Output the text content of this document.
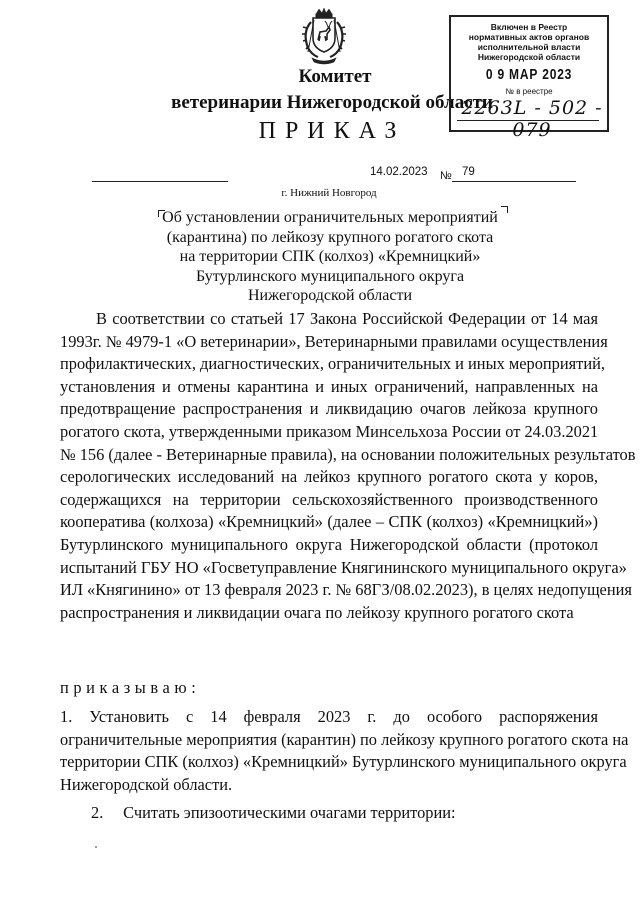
Комитет
ветеринарии Нижегородской области
ПРИКАЗ
Включен в Реестр
нормативных актов органов
исполнительной власти
Нижегородской области
0 9 МАР 2023
№ в реестре
2263L - 502 - 079
14.02.2023 № 79
г. Нижний Новгород
Об установлении ограничительных мероприятий
(карантина) по лейкозу крупного рогатого скота
на территории СПК (колхоз) «Кремницкий»
Бутурлинского муниципального округа
Нижегородской области
В соответствии со статьей 17 Закона Российской Федерации от 14 мая
1993г. № 4979-1 «О ветеринарии», Ветеринарными правилами осуществления
профилактических, диагностических, ограничительных и иных мероприятий,
установления и отмены карантина и иных ограничений, направленных на
предотвращение распространения и ликвидацию очагов лейкоза крупного
рогатого скота, утвержденными приказом Минсельхоза России от 24.03.2021
№ 156 (далее - Ветеринарные правила), на основании положительных результатов
серологических исследований на лейкоз крупного рогатого скота у коров,
содержащихся на территории сельскохозяйственного производственного
кооператива (колхоза) «Кремницкий» (далее – СПК (колхоз) «Кремницкий»)
Бутурлинского муниципального округа Нижегородской области (протокол
испытаний ГБУ НО «Госветуправление Княгининского муниципального округа»
ИЛ «Княгинино» от 13 февраля 2023 г. № 68ГЗ/08.02.2023), в целях недопущения
распространения и ликвидации очага по лейкозу крупного рогатого скота
приказываю:
1. Установить с 14 февраля 2023 г. до особого распоряжения
ограничительные мероприятия (карантин) по лейкозу крупного рогатого скота на
территории СПК (колхоз) «Кремницкий» Бутурлинского муниципального округа
Нижегородской области.
2. Считать эпизоотическими очагами территории:
